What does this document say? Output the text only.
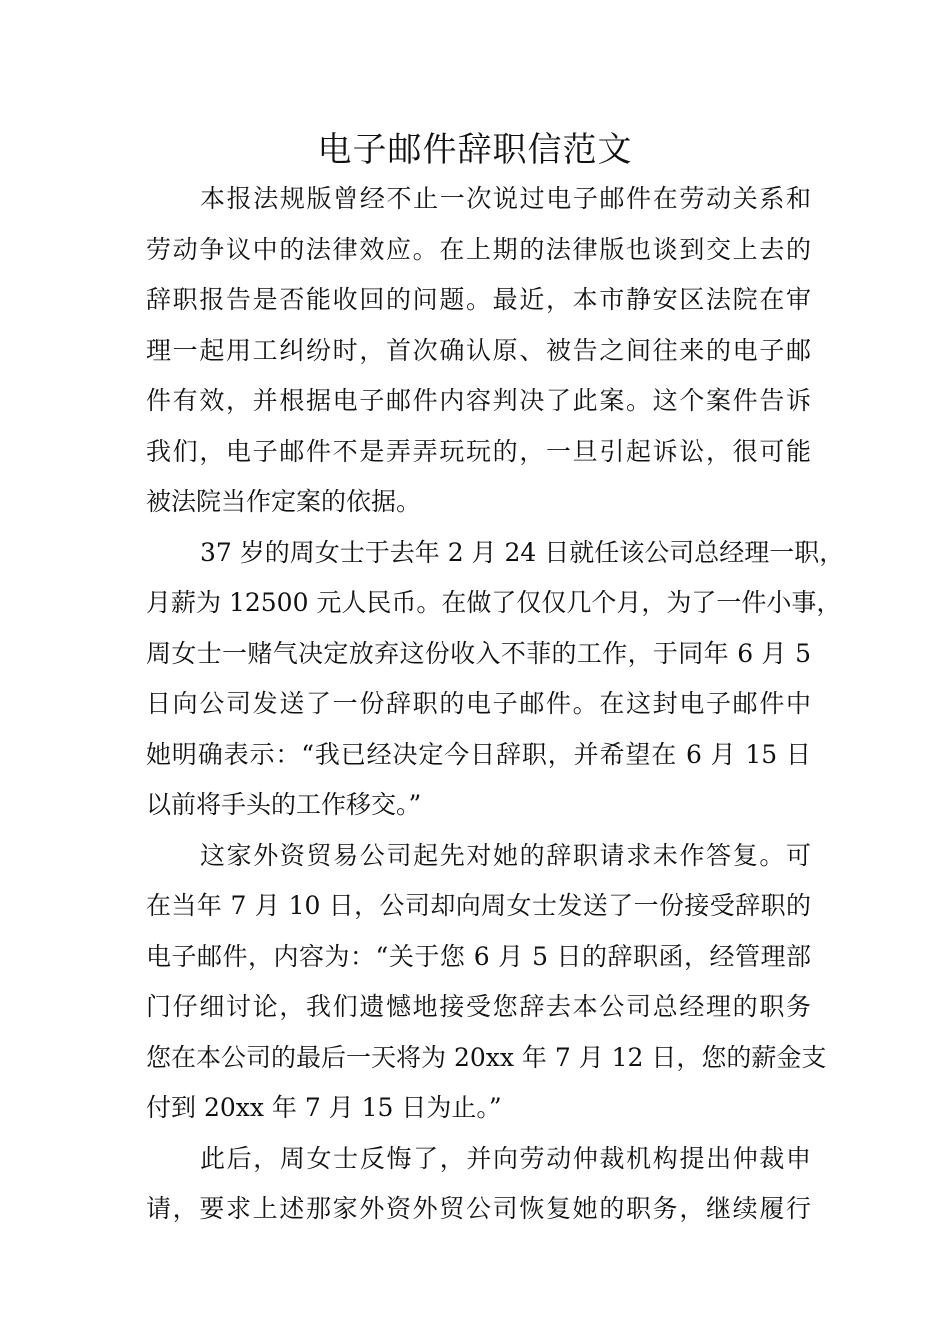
电子邮件辞职信范文
本报法规版曾经不止一次说过电子邮件在劳动关系和
劳动争议中的法律效应。在上期的法律版也谈到交上去的
辞职报告是否能收回的问题。最近，本市静安区法院在审
理一起用工纠纷时，首次确认原、被告之间往来的电子邮
件有效，并根据电子邮件内容判决了此案。这个案件告诉
我们，电子邮件不是弄弄玩玩的，一旦引起诉讼，很可能
被法院当作定案的依据。
37 岁的周女士于去年 2 月 24 日就任该公司总经理一职，
月薪为 12500 元人民币。在做了仅仅几个月，为了一件小事，
周女士一赌气决定放弃这份收入不菲的工作，于同年 6 月 5
日向公司发送了一份辞职的电子邮件。在这封电子邮件中
她明确表示：“我已经决定今日辞职，并希望在 6 月 15 日
以前将手头的工作移交。”
这家外资贸易公司起先对她的辞职请求未作答复。可
在当年 7 月 10 日，公司却向周女士发送了一份接受辞职的
电子邮件，内容为：“关于您 6 月 5 日的辞职函，经管理部
门仔细讨论，我们遗憾地接受您辞去本公司总经理的职务
您在本公司的最后一天将为 20xx 年 7 月 12 日，您的薪金支
付到 20xx 年 7 月 15 日为止。”
此后，周女士反悔了，并向劳动仲裁机构提出仲裁申
请，要求上述那家外资外贸公司恢复她的职务，继续履行
